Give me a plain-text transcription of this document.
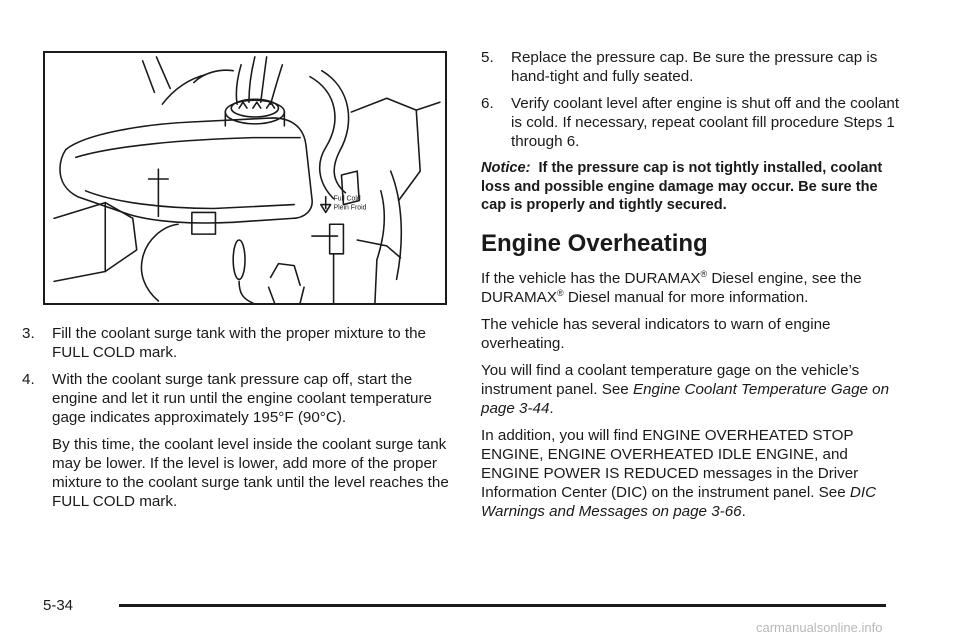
Full Cold
Plein Froid
3. Fill the coolant surge tank with the proper mixture to the FULL COLD mark.
4. With the coolant surge tank pressure cap off, start the engine and let it run until the engine coolant temperature gage indicates approximately 195°F (90°C).
By this time, the coolant level inside the coolant surge tank may be lower. If the level is lower, add more of the proper mixture to the coolant surge tank until the level reaches the FULL COLD mark.
5. Replace the pressure cap. Be sure the pressure cap is hand-tight and fully seated.
6. Verify coolant level after engine is shut off and the coolant is cold. If necessary, repeat coolant fill procedure Steps 1 through 6.
Notice: If the pressure cap is not tightly installed, coolant loss and possible engine damage may occur. Be sure the cap is properly and tightly secured.
Engine Overheating

If the vehicle has the DURAMAX® Diesel engine, see the DURAMAX® Diesel manual for more information.

The vehicle has several indicators to warn of engine overheating.

You will find a coolant temperature gage on the vehicle’s instrument panel. See Engine Coolant Temperature Gage on page 3-44.

In addition, you will find ENGINE OVERHEATED STOP ENGINE, ENGINE OVERHEATED IDLE ENGINE, and ENGINE POWER IS REDUCED messages in the Driver Information Center (DIC) on the instrument panel. See DIC Warnings and Messages on page 3-66.

5-34
carmanualsonline.info
